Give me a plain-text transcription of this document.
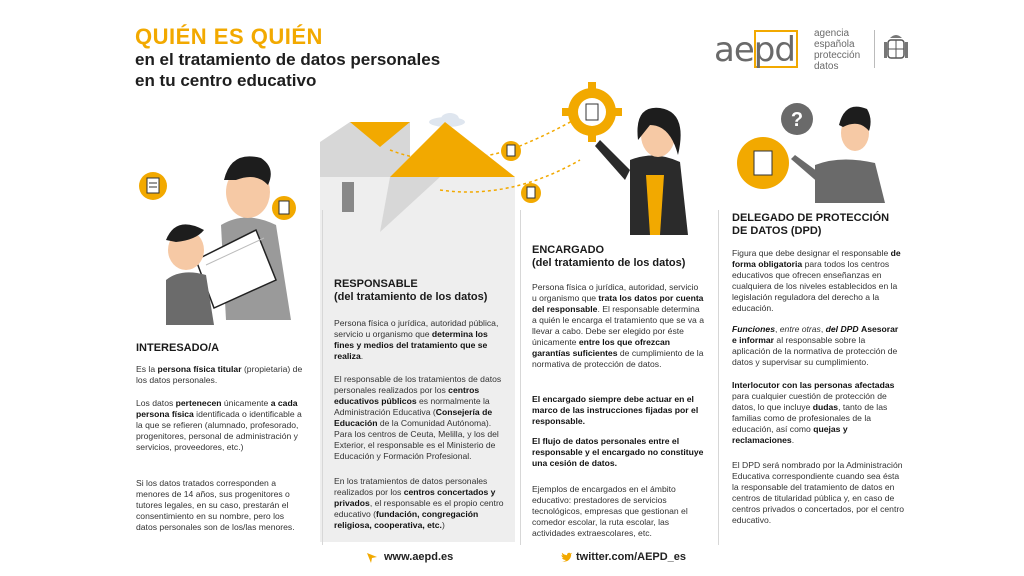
QUIÉN ES QUIÉN
en el tratamiento de datos personales
en tu centro educativo
aepd agencia
española
protección
datos
?
INTERESADO/A

Es la persona física titular (propietaria) de los datos personales.

Los datos pertenecen únicamente a cada persona física identificada o identificable a la que se refieren (alumnado, profesorado, progenitores, personal de administración y servicios, proveedores, etc.)

Si los datos tratados corresponden a menores de 14 años, sus progenitores o tutores legales, en su caso, prestarán el consentimiento en su nombre, pero los datos personales son de los/las menores.

RESPONSABLE
(del tratamiento de los datos)

Persona física o jurídica, autoridad pública, servicio u organismo que determina los fines y medios del tratamiento que se realiza.

El responsable de los tratamientos de datos personales realizados por los centros educativos públicos es normalmente la Administración Educativa (Consejería de Educación de la Comunidad Autónoma). Para los centros de Ceuta, Melilla, y los del Exterior, el responsable es el Ministerio de Educación y Formación Profesional.

En los tratamientos de datos personales realizados por los centros concertados y privados, el responsable es el propio centro educativo (fundación, congregación religiosa, cooperativa, etc.)

ENCARGADO
(del tratamiento de los datos)

Persona física o jurídica, autoridad, servicio u organismo que trata los datos por cuenta del responsable. El responsable determina a quién le encarga el tratamiento que se va a llevar a cabo. Debe ser elegido por éste únicamente entre los que ofrezcan garantías suficientes de cumplimiento de la normativa de protección de datos.

El encargado siempre debe actuar en el marco de las instrucciones fijadas por el responsable.

El flujo de datos personales entre el responsable y el encargado no constituye una cesión de datos.

Ejemplos de encargados en el ámbito educativo: prestadores de servicios tecnológicos, empresas que gestionan el comedor escolar, la ruta escolar, las actividades extraescolares, etc.

DELEGADO DE PROTECCIÓN
DE DATOS (DPD)

Figura que debe designar el responsable de forma obligatoria para todos los centros educativos que ofrecen enseñanzas en cualquiera de los niveles establecidos en la legislación reguladora del derecho a la educación.

Funciones, entre otras, del DPD Asesorar e informar al responsable sobre la aplicación de la normativa de protección de datos y supervisar su cumplimiento.

Interlocutor con las personas afectadas para cualquier cuestión de protección de datos, lo que incluye dudas, tanto de las familias como de profesionales de la educación, así como quejas y reclamaciones.

El DPD será nombrado por la Administración Educativa correspondiente cuando sea ésta la responsable del tratamiento de datos en centros de titularidad pública y, en caso de centros privados o concertados, por el centro educativo.

www.aepd.es	twitter.com/AEPD_es
